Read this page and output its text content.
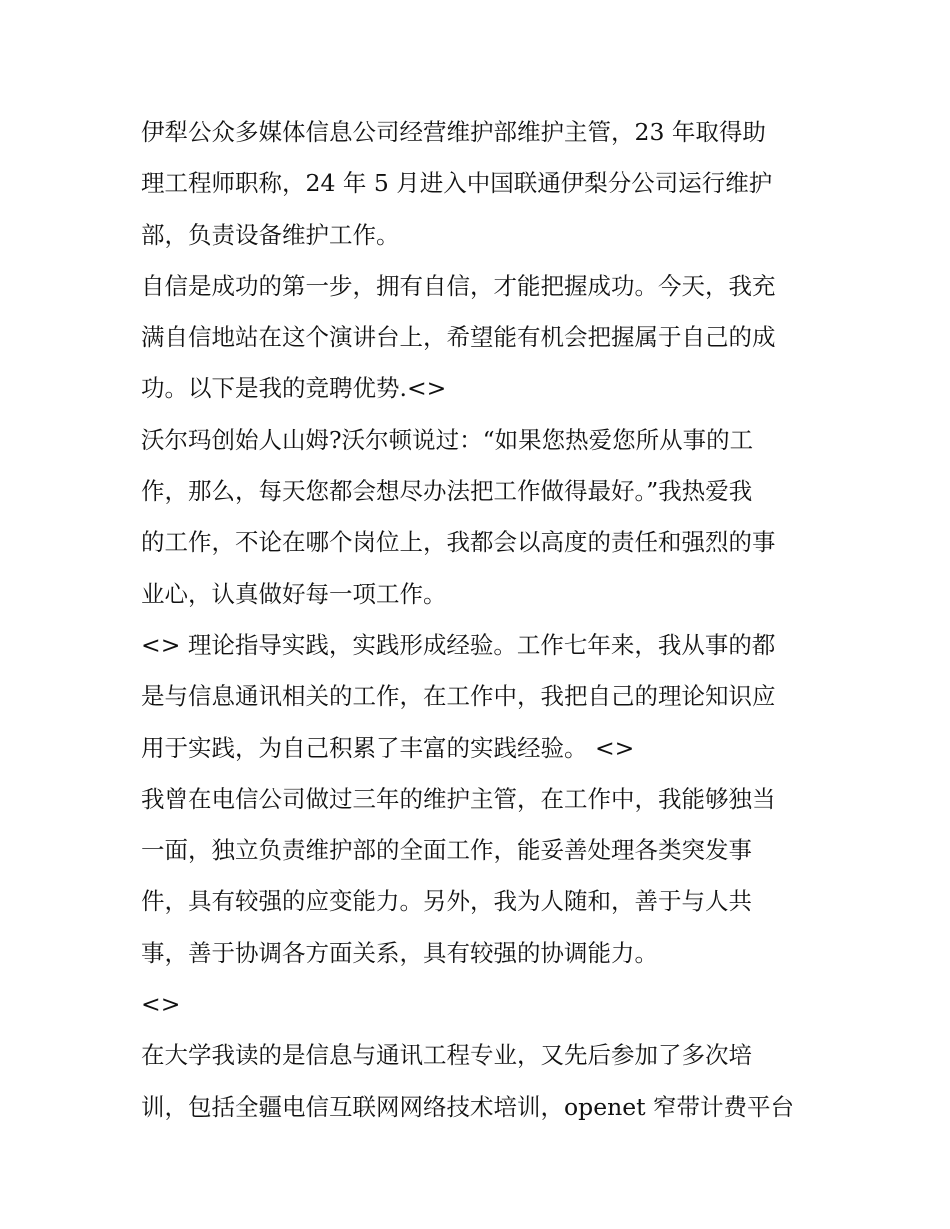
伊犁公众多媒体信息公司经营维护部维护主管，23 年取得助
理工程师职称，24 年 5 月进入中国联通伊梨分公司运行维护
部，负责设备维护工作。

自信是成功的第一步，拥有自信，才能把握成功。今天，我充
满自信地站在这个演讲台上，希望能有机会把握属于自己的成
功。以下是我的竞聘优势.<>

沃尔玛创始人山姆?沃尔顿说过：“如果您热爱您所从事的工
作，那么，每天您都会想尽办法把工作做得最好。”我热爱我
的工作，不论在哪个岗位上，我都会以高度的责任和强烈的事
业心，认真做好每一项工作。

<> 理论指导实践，实践形成经验。工作七年来，我从事的都
是与信息通讯相关的工作，在工作中，我把自己的理论知识应
用于实践，为自己积累了丰富的实践经验。 <>

我曾在电信公司做过三年的维护主管，在工作中，我能够独当
一面，独立负责维护部的全面工作，能妥善处理各类突发事
件，具有较强的应变能力。另外，我为人随和，善于与人共
事，善于协调各方面关系，具有较强的协调能力。

<>

在大学我读的是信息与通讯工程专业，又先后参加了多次培
训，包括全疆电信互联网网络技术培训，openet 窄带计费平台
